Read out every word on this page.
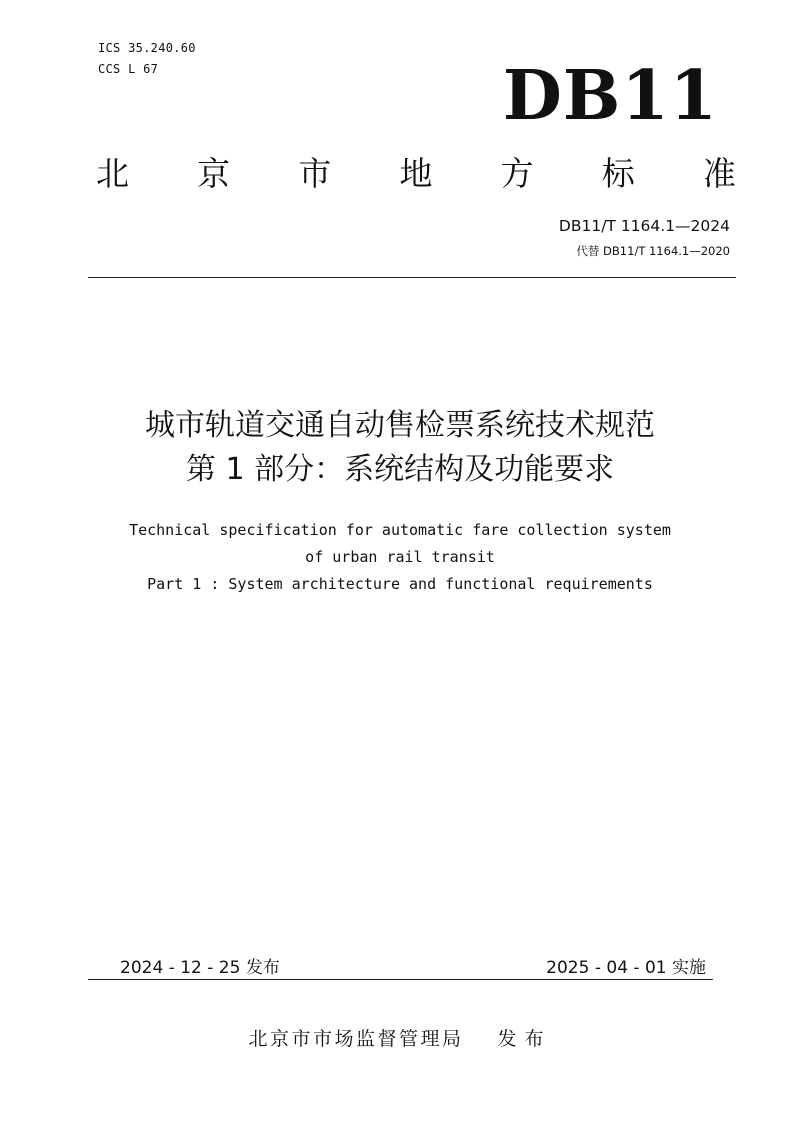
ICS 35.240.60
CCS L 67	DB11
北 京 市 地 方 标 准
DB11/T 1164.1—2024
代替 DB11/T 1164.1—2020
城市轨道交通自动售检票系统技术规范
第 1 部分：系统结构及功能要求
Technical specification for automatic fare collection system
of urban rail transit
Part 1 : System architecture and functional requirements
2024 - 12 - 25 发布	2025 - 04 - 01 实施
北京市市场监督管理局 发布
